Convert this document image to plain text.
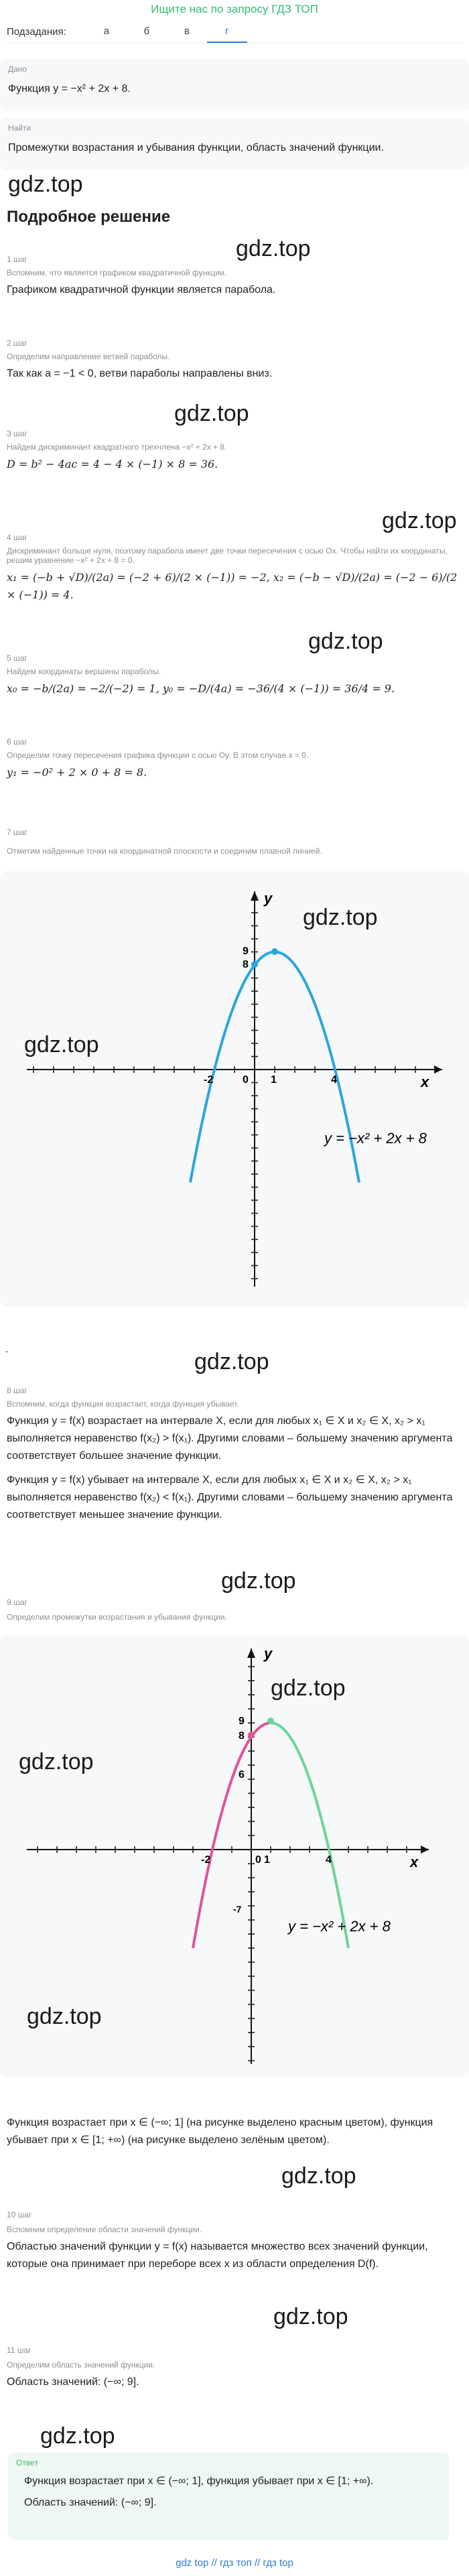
Ищите нас по запросу ГДЗ ТОП
Подзадания:	а	б	в	г
Дано
Функция y = −x² + 2x + 8.
Найти
Промежутки возрастания и убывания функции, область значений функции.
gdz.top
Подробное решение
gdz.top
1 шаг
Вспомним, что является графиком квадратичной функции.
Графиком квадратичной функции является парабола.
2 шаг
Определим направление ветвей параболы.
Так как a = −1 < 0, ветви параболы направлены вниз.
gdz.top
3 шаг
Найдем дискриминант квадратного трехчлена −x² + 2x + 8.
D = b² − 4ac = 4 − 4 × (−1) × 8 = 36.
gdz.top
4 шаг
Дискриминант больше нуля, поэтому парабола имеет две точки пересечения с осью Ox. Чтобы найти их координаты, решим уравнение −x² + 2x + 8 = 0.
x₁ = (−b + √D)/(2a) = (−2 + 6)/(2 × (−1)) = −2, x₂ = (−b − √D)/(2a) = (−2 − 6)/(2 × (−1)) = 4.
gdz.top
5 шаг
Найдем координаты вершины параболы.
x₀ = −b/(2a) = −2/(−2) = 1, y₀ = −D/(4a) = −36/(4 × (−1)) = 36/4 = 9.
6 шаг
Определим точку пересечения графика функции с осью Oy. В этом случае x = 0.
y₁ = −0² + 2 × 0 + 8 = 8.
7 шаг
Отметим найденные точки на координатной плоскости и соединим плавной линией.
y
x
9
8
-2	0 1	4
y = −x² + 2x + 8
gdz.top
gdz.top
.	gdz.top
8 шаг
Вспомним, когда функция возрастает, когда функция убывает.
Функция y = f(x) возрастает на интервале X, если для любых x₁ ∈ X и x₂ ∈ X, x₂ > x₁ выполняется неравенство f(x₂) > f(x₁). Другими словами – большему значению аргумента соответствует большее значение функции.
Функция y = f(x) убывает на интервале X, если для любых x₁ ∈ X и x₂ ∈ X, x₂ > x₁ выполняется неравенство f(x₂) < f(x₁). Другими словами – большему значению аргумента соответствует меньшее значение функции.
gdz.top
9 шаг
Определим промежутки возрастания и убывания функции.
9
8
6
-2	0 1	4
-7
y
x
y = −x² + 2x + 8
gdz.top
gdz.top
gdz.top
Функция возрастает при x ∈ (−∞; 1] (на рисунке выделено красным цветом), функция убывает при x ∈ [1; +∞) (на рисунке выделено зелёным цветом).
gdz.top
10 шаг
Вспомним определение области значений функции.
Областью значений функции y = f(x) называется множество всех значений функции, которые она принимает при переборе всех x из области определения D(f).
gdz.top
11 шаг
Определим область значений функции.
Область значений: (−∞; 9].
gdz.top
Ответ
Функция возрастает при x ∈ (−∞; 1], функция убывает при x ∈ [1; +∞).
Область значений: (−∞; 9].
gdz top // гдз топ // гдз top
